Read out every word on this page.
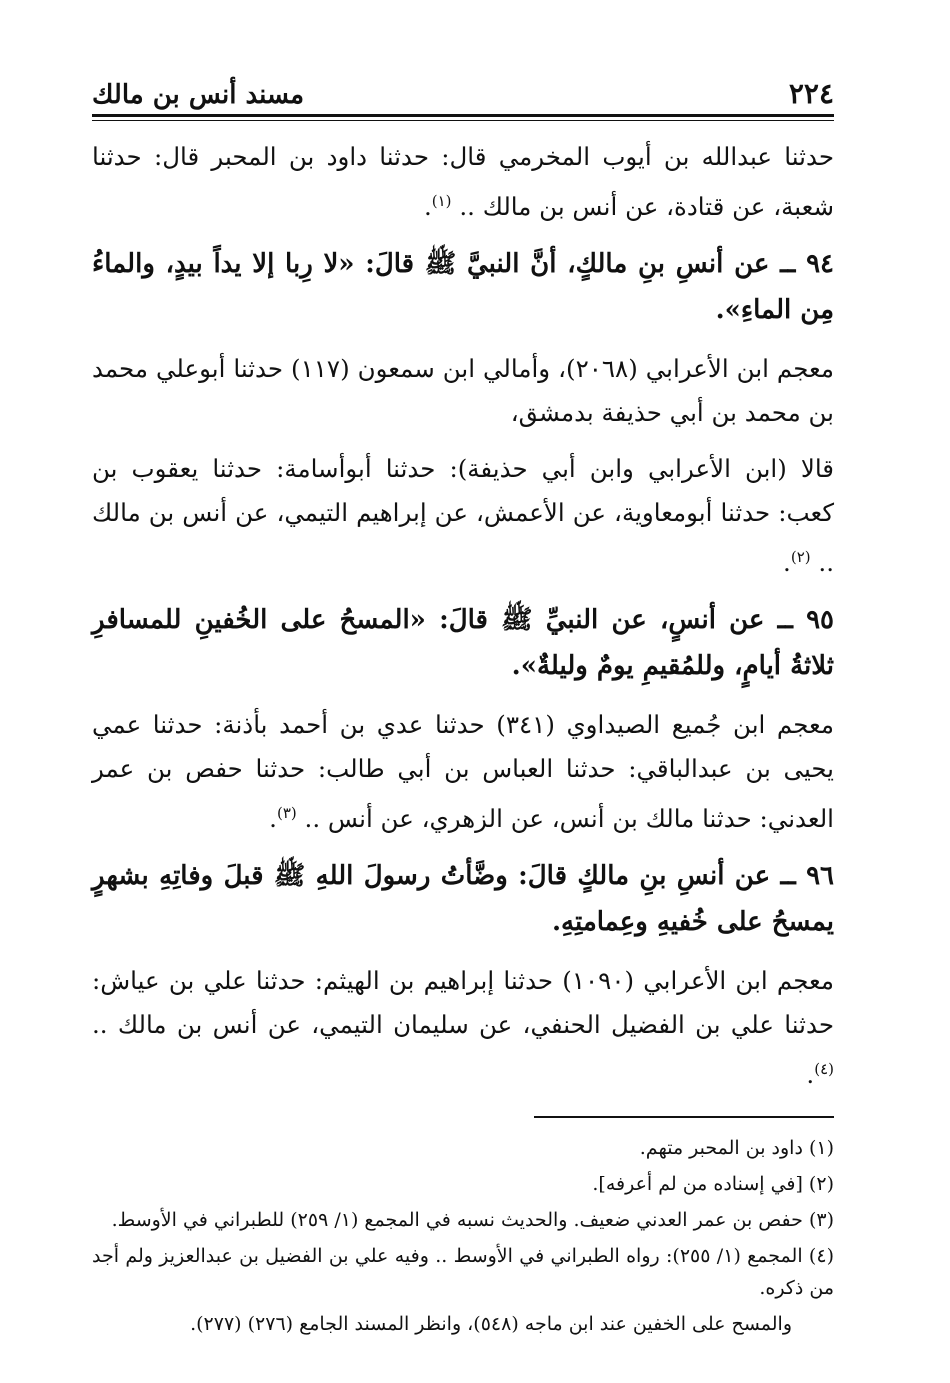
٢٢٤
مسند أنس بن مالك

حدثنا عبدالله بن أيوب المخرمي قال: حدثنا داود بن المحبر قال: حدثنا شعبة، عن قتادة، عن أنس بن مالك .. $^{(١)}$.

٩٤ ــ عن أنسِ بنِ مالكٍ، أنَّ النبيَّ ﷺ قالَ: «لا رِبا إلا يداً بيدٍ، والماءُ مِن الماءِ».

معجم ابن الأعرابي (٢٠٦٨)، وأمالي ابن سمعون (١١٧) حدثنا أبوعلي محمد بن محمد بن أبي حذيفة بدمشق،

قالا (ابن الأعرابي وابن أبي حذيفة): حدثنا أبوأسامة: حدثنا يعقوب بن كعب: حدثنا أبومعاوية، عن الأعمش، عن إبراهيم التيمي، عن أنس بن مالك .. $^{(٢)}$.

٩٥ ــ عن أنسٍ، عن النبيِّ ﷺ قالَ: «المسحُ على الخُفينِ للمسافرِ ثلاثةُ أيامٍ، وللمُقيمِ يومٌ وليلةٌ».

معجم ابن جُميع الصيداوي (٣٤١) حدثنا عدي بن أحمد بأذنة: حدثنا عمي يحيى بن عبدالباقي: حدثنا العباس بن أبي طالب: حدثنا حفص بن عمر العدني: حدثنا مالك بن أنس، عن الزهري، عن أنس .. $^{(٣)}$.

٩٦ ــ عن أنسِ بنِ مالكٍ قالَ: وضَّأتُ رسولَ اللهِ ﷺ قبلَ وفاتِهِ بشهرٍ يمسحُ على خُفيهِ وعِمامتِهِ.

معجم ابن الأعرابي (١٠٩٠) حدثنا إبراهيم بن الهيثم: حدثنا علي بن عياش: حدثنا علي بن الفضيل الحنفي، عن سليمان التيمي، عن أنس بن مالك .. $^{(٤)}$.

(١) داود بن المحبر متهم.

(٢) [في إسناده من لم أعرفه].

(٣) حفص بن عمر العدني ضعيف. والحديث نسبه في المجمع (١/ ٢٥٩) للطبراني في الأوسط.

(٤) المجمع (١/ ٢٥٥): رواه الطبراني في الأوسط .. وفيه علي بن الفضيل بن عبدالعزيز ولم أجد من ذكره.

والمسح على الخفين عند ابن ماجه (٥٤٨)، وانظر المسند الجامع (٢٧٦) (٢٧٧).
